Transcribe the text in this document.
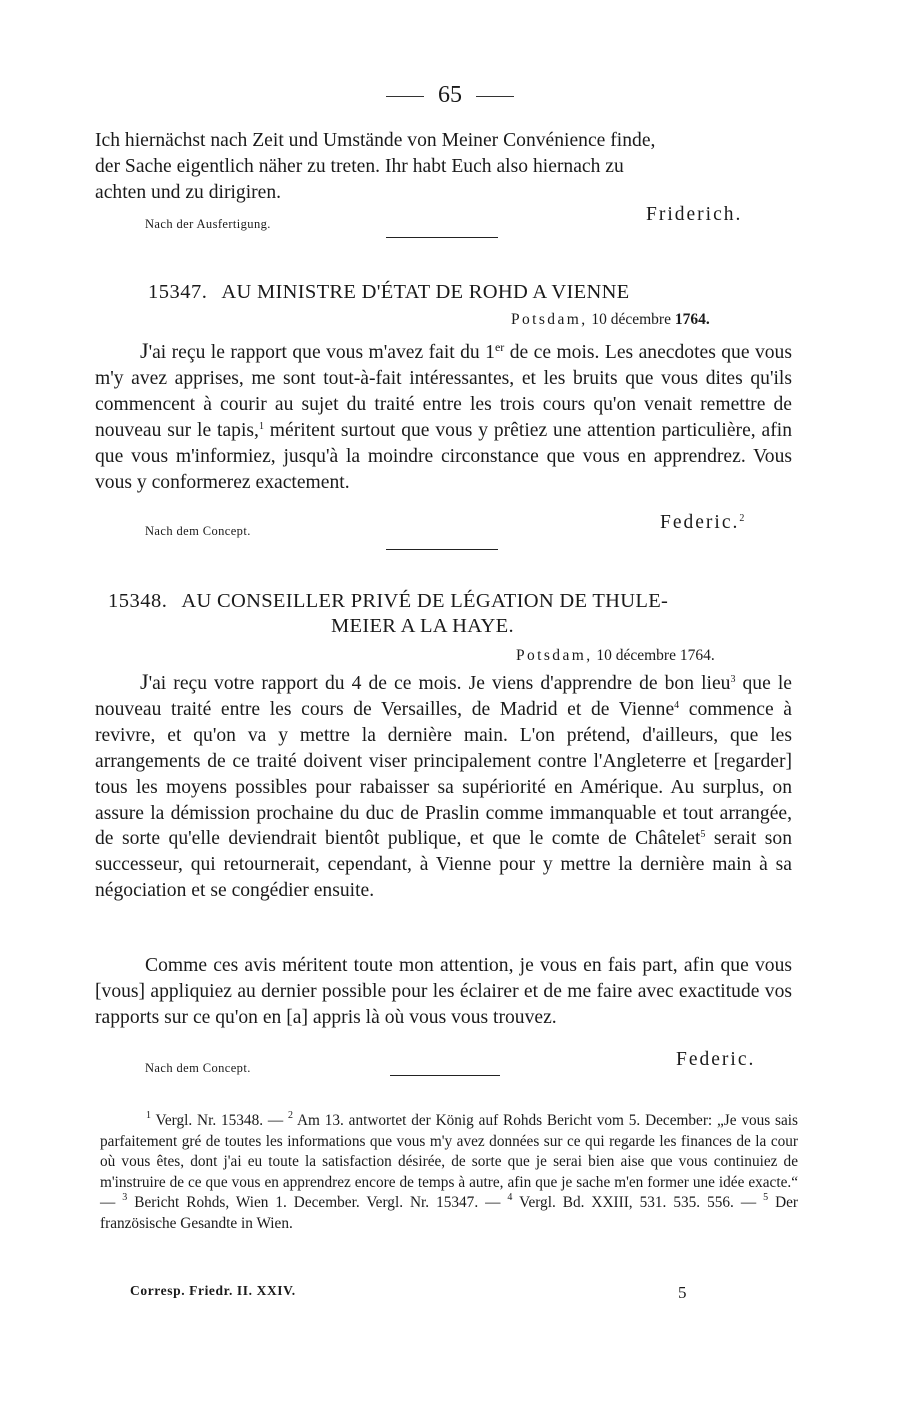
65
Ich hiernächst nach Zeit und Umstände von Meiner Convénience finde,
der Sache eigentlich näher zu treten. Ihr habt Euch also hiernach zu
achten und zu dirigiren.
Nach der Ausfertigung.	Friderich.
15347. AU MINISTRE D'ÉTAT DE ROHD A VIENNE
Potsdam, 10 décembre 1764.

J'ai reçu le rapport que vous m'avez fait du 1er de ce mois. Les anecdotes que vous m'y avez apprises, me sont tout-à-fait intéressantes, et les bruits que vous dites qu'ils commencent à courir au sujet du traité entre les trois cours qu'on venait remettre de nouveau sur le tapis,$^1$ méritent surtout que vous y prêtiez une attention particulière, afin que vous m'informiez, jusqu'à la moindre circonstance que vous en apprendrez. Vous vous y conformerez exactement.

Nach dem Concept.	Federic.$^2$
15348. AU CONSEILLER PRIVÉ DE LÉGATION DE THULE-
MEIER A LA HAYE.
Potsdam, 10 décembre 1764.

J'ai reçu votre rapport du 4 de ce mois. Je viens d'apprendre de bon lieu$^3$ que le nouveau traité entre les cours de Versailles, de Madrid et de Vienne$^4$ commence à revivre, et qu'on va y mettre la dernière main. L'on prétend, d'ailleurs, que les arrangements de ce traité doivent viser principalement contre l'Angleterre et [regarder] tous les moyens possibles pour rabaisser sa supériorité en Amérique. Au surplus, on assure la démission prochaine du duc de Praslin comme immanquable et tout arrangée, de sorte qu'elle deviendrait bientôt publique, et que le comte de Châtelet$^5$ serait son successeur, qui retournerait, cependant, à Vienne pour y mettre la dernière main à sa négociation et se congédier ensuite.

Comme ces avis méritent toute mon attention, je vous en fais part, afin que vous [vous] appliquiez au dernier possible pour les éclairer et de me faire avec exactitude vos rapports sur ce qu'on en [a] appris là où vous vous trouvez.

Nach dem Concept.	Federic.

$^1$ Vergl. Nr. 15348. — $^2$ Am 13. antwortet der König auf Rohds Bericht vom 5. December: „Je vous sais parfaitement gré de toutes les informations que vous m'y avez données sur ce qui regarde les finances de la cour où vous êtes, dont j'ai eu toute la satisfaction désirée, de sorte que je serai bien aise que vous continuiez de m'instruire de ce que vous en apprendrez encore de temps à autre, afin que je sache m'en former une idée exacte.“ — $^3$ Bericht Rohds, Wien 1. December. Vergl. Nr. 15347. — $^4$ Vergl. Bd. XXIII, 531. 535. 556. — $^5$ Der französische Gesandte in Wien.

Corresp. Friedr. II. XXIV.	5
